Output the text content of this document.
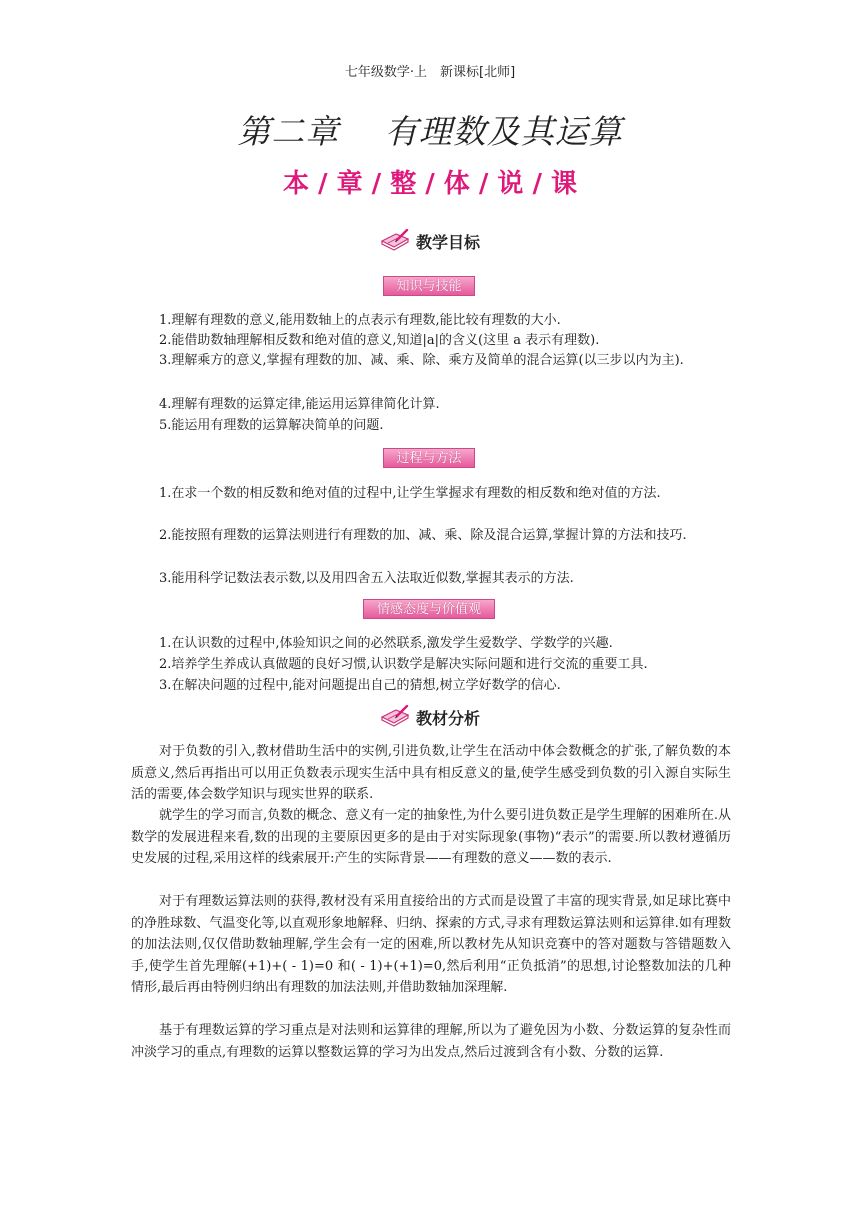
七年级数学·上　新课标[北师]
第二章　 有理数及其运算
本 / 章 / 整 / 体 / 说 / 课
教学目标
知识与技能

1.理解有理数的意义,能用数轴上的点表示有理数,能比较有理数的大小.

2.能借助数轴理解相反数和绝对值的意义,知道|a|的含义(这里 a 表示有理数).

3.理解乘方的意义,掌握有理数的加、减、乘、除、乘方及简单的混合运算(以三步以内为主).

4.理解有理数的运算定律,能运用运算律简化计算.

5.能运用有理数的运算解决简单的问题.

过程与方法

1.在求一个数的相反数和绝对值的过程中,让学生掌握求有理数的相反数和绝对值的方法.

2.能按照有理数的运算法则进行有理数的加、减、乘、除及混合运算,掌握计算的方法和技巧.

3.能用科学记数法表示数,以及用四舍五入法取近似数,掌握其表示的方法.

情感态度与价值观

1.在认识数的过程中,体验知识之间的必然联系,激发学生爱数学、学数学的兴趣.

2.培养学生养成认真做题的良好习惯,认识数学是解决实际问题和进行交流的重要工具.

3.在解决问题的过程中,能对问题提出自己的猜想,树立学好数学的信心.

教材分析

对于负数的引入,教材借助生活中的实例,引进负数,让学生在活动中体会数概念的扩张,了解负数的本质意义,然后再指出可以用正负数表示现实生活中具有相反意义的量,使学生感受到负数的引入源自实际生活的需要,体会数学知识与现实世界的联系.

就学生的学习而言,负数的概念、意义有一定的抽象性,为什么要引进负数正是学生理解的困难所在.从数学的发展进程来看,数的出现的主要原因更多的是由于对实际现象(事物)“表示”的需要.所以教材遵循历史发展的过程,采用这样的线索展开:产生的实际背景——有理数的意义——数的表示.

对于有理数运算法则的获得,教材没有采用直接给出的方式而是设置了丰富的现实背景,如足球比赛中的净胜球数、气温变化等,以直观形象地解释、归纳、探索的方式,寻求有理数运算法则和运算律.如有理数的加法法则,仅仅借助数轴理解,学生会有一定的困难,所以教材先从知识竞赛中的答对题数与答错题数入手,使学生首先理解(+1)+( - 1)=0 和( - 1)+(+1)=0,然后利用“正负抵消”的思想,讨论整数加法的几种情形,最后再由特例归纳出有理数的加法法则,并借助数轴加深理解.

基于有理数运算的学习重点是对法则和运算律的理解,所以为了避免因为小数、分数运算的复杂性而冲淡学习的重点,有理数的运算以整数运算的学习为出发点,然后过渡到含有小数、分数的运算.
